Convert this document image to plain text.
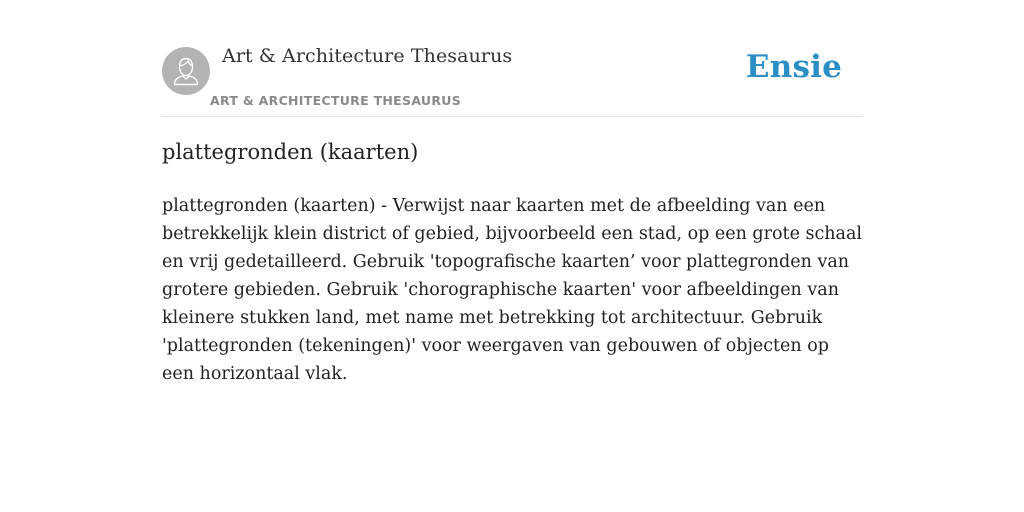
Art & Architecture Thesaurus
ART & ARCHITECTURE THESAURUS
Ensie
plattegronden (kaarten)

plattegronden (kaarten) - Verwijst naar kaarten met de afbeelding van een betrekkelijk klein district of gebied, bijvoorbeeld een stad, op een grote schaal en vrij gedetailleerd. Gebruik 'topografische kaarten’ voor plattegronden van grotere gebieden. Gebruik 'chorographische kaarten' voor afbeeldingen van kleinere stukken land, met name met betrekking tot architectuur. Gebruik 'plattegronden (tekeningen)' voor weergaven van gebouwen of objecten op een horizontaal vlak.
